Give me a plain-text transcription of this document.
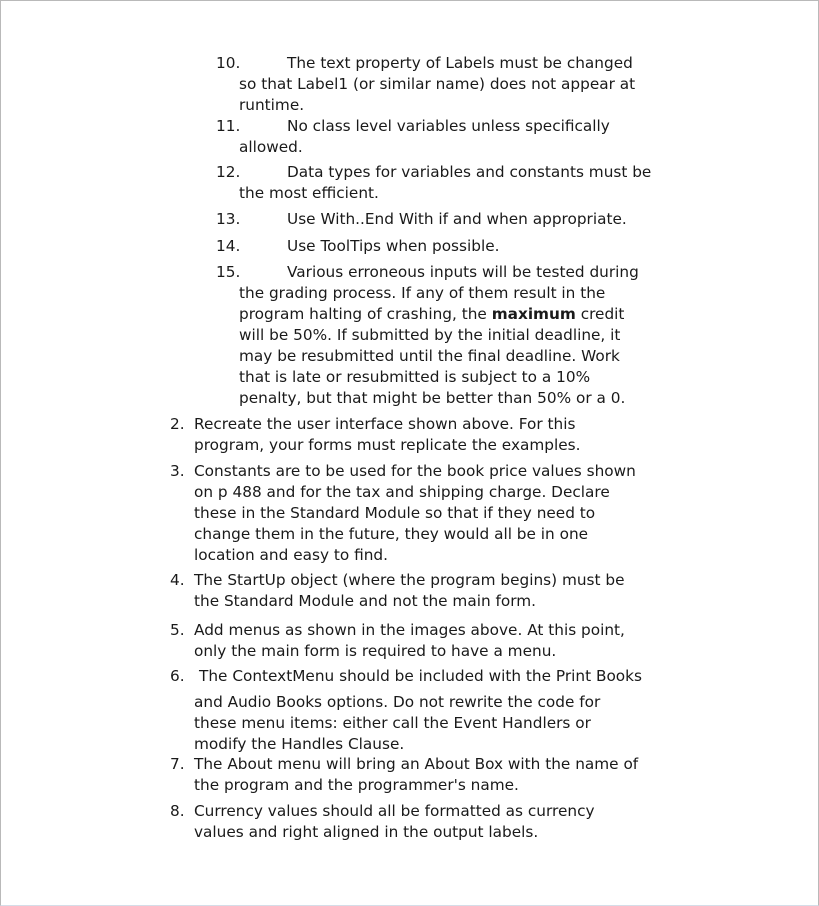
10.	The text property of Labels must be changed
so that Label1 (or similar name) does not appear at
runtime.
11.	No class level variables unless specifically
allowed.
12.	Data types for variables and constants must be
the most efficient.
13.	Use With..End With if and when appropriate.
14.	Use ToolTips when possible.
15.	Various erroneous inputs will be tested during
the grading process. If any of them result in the
program halting of crashing, the maximum credit
will be 50%. If submitted by the initial deadline, it
may be resubmitted until the final deadline. Work
that is late or resubmitted is subject to a 10%
penalty, but that might be better than 50% or a 0.
2. Recreate the user interface shown above. For this
program, your forms must replicate the examples.
3. Constants are to be used for the book price values shown
on p 488 and for the tax and shipping charge. Declare
these in the Standard Module so that if they need to
change them in the future, they would all be in one
location and easy to find.
4. The StartUp object (where the program begins) must be
the Standard Module and not the main form.
5. Add menus as shown in the images above. At this point,
only the main form is required to have a menu.
6. The ContextMenu should be included with the Print Books
and Audio Books options. Do not rewrite the code for
these menu items: either call the Event Handlers or
modify the Handles Clause.
7. The About menu will bring an About Box with the name of
the program and the programmer's name.
8. Currency values should all be formatted as currency
values and right aligned in the output labels.
